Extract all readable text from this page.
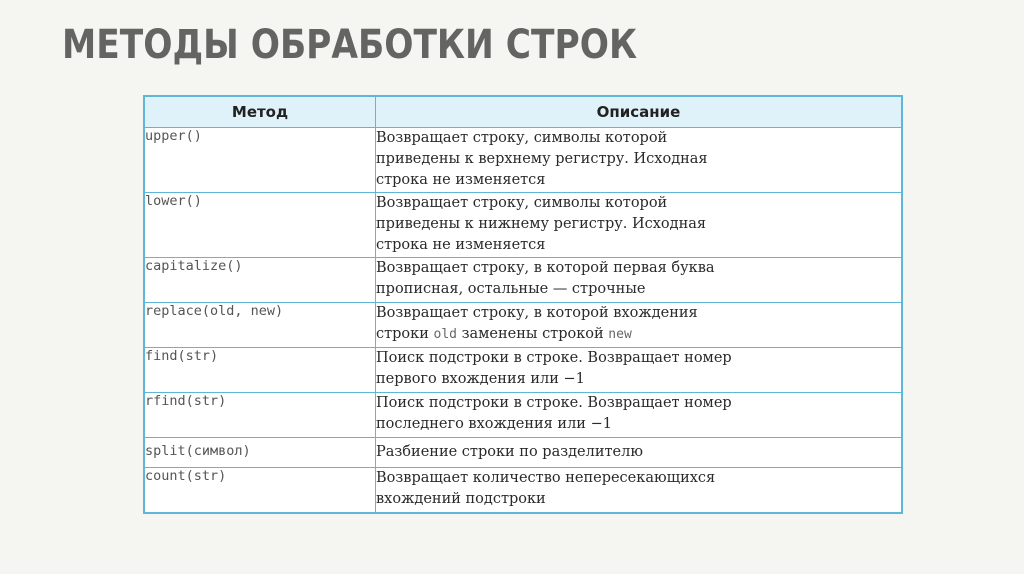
МЕТОДЫ ОБРАБОТКИ СТРОК
Метод	Описание
upper()	Возвращает строку, символы которой
приведены к верхнему регистру. Исходная
строка не изменяется

lower()	Возвращает строку, символы которой
приведены к нижнему регистру. Исходная
строка не изменяется

capitalize()	Возвращает строку, в которой первая буква
прописная, остальные — строчные

replace(old, new)	Возвращает строку, в которой вхождения
строки old заменены строкой new

find(str)	Поиск подстроки в строке. Возвращает номер
первого вхождения или −1

rfind(str)	Поиск подстроки в строке. Возвращает номер
последнего вхождения или −1

split(символ)	Разбиение строки по разделителю

count(str)	Возвращает количество непересекающихся
вхождений подстроки
